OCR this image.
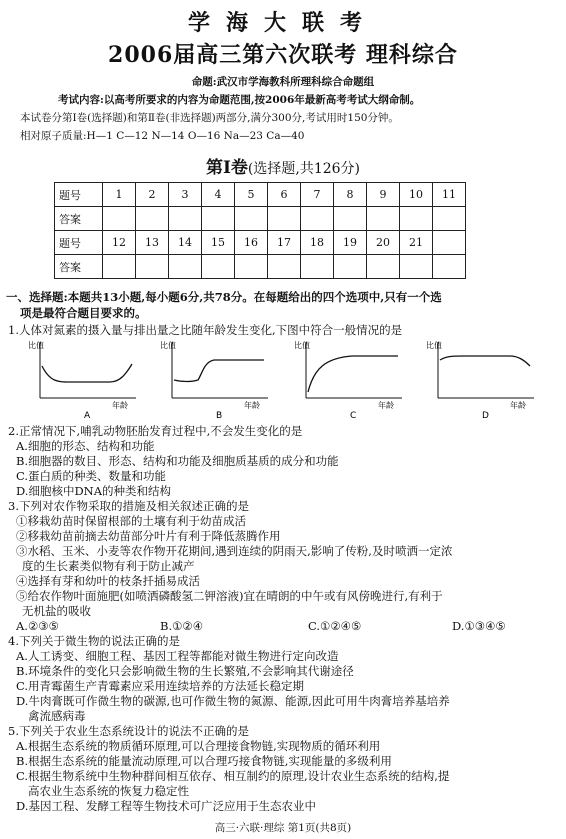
学海大联考
2006届高三第六次联考 理科综合
命题:武汉市学海教科所理科综合命题组
考试内容:以高考所要求的内容为命题范围,按2006年最新高考考试大纲命制。
本试卷分第Ⅰ卷(选择题)和第Ⅱ卷(非选择题)两部分,满分300分,考试用时150分钟。
相对原子质量:H—1 C—12 N—14 O—16 Na—23 Ca—40
第Ⅰ卷(选择题,共126分)
题号	1	2	3	4	5	6	7	8	9	10	11
答案											
题号	12	13	14	15	16	17	18	19	20	21	
答案											
一、选择题:本题共13小题,每小题6分,共78分。在每题给出的四个选项中,只有一个选
项是最符合题目要求的。
1.人体对氮素的摄入量与排出量之比随年龄发生变化,下图中符合一般情况的是
比值
年龄
A
比值
年龄
B
比值
年龄
C
比值
年龄
D
2.正常情况下,哺乳动物胚胎发育过程中,不会发生变化的是
A.细胞的形态、结构和功能
B.细胞器的数目、形态、结构和功能及细胞质基质的成分和功能
C.蛋白质的种类、数量和功能
D.细胞核中DNA的种类和结构
3.下列对农作物采取的措施及相关叙述正确的是
①移栽幼苗时保留根部的土壤有利于幼苗成活
②移栽幼苗前摘去幼苗部分叶片有利于降低蒸腾作用
③水稻、玉米、小麦等农作物开花期间,遇到连续的阴雨天,影响了传粉,及时喷洒一定浓
度的生长素类似物有利于防止减产
④选择有芽和幼叶的枝条扦插易成活
⑤给农作物叶面施肥(如喷洒磷酸氢二钾溶液)宜在晴朗的中午或有风傍晚进行,有利于
无机盐的吸收
A.②③⑤	B.①②④	C.①②④⑤	D.①③④⑤
4.下列关于微生物的说法正确的是
A.人工诱变、细胞工程、基因工程等都能对微生物进行定向改造
B.环境条件的变化只会影响微生物的生长繁殖,不会影响其代谢途径
C.用青霉菌生产青霉素应采用连续培养的方法延长稳定期
D.牛肉膏既可作微生物的碳源,也可作微生物的氮源、能源,因此可用牛肉膏培养基培养
禽流感病毒
5.下列关于农业生态系统设计的说法不正确的是
A.根据生态系统的物质循环原理,可以合理接食物链,实现物质的循环利用
B.根据生态系统的能量流动原理,可以合理巧接食物链,实现能量的多级利用
C.根据生物系统中生物种群间相互依存、相互制约的原理,设计农业生态系统的结构,提
高农业生态系统的恢复力稳定性
D.基因工程、发酵工程等生物技术可广泛应用于生态农业中
高三·六联·理综 第1页(共8页)
